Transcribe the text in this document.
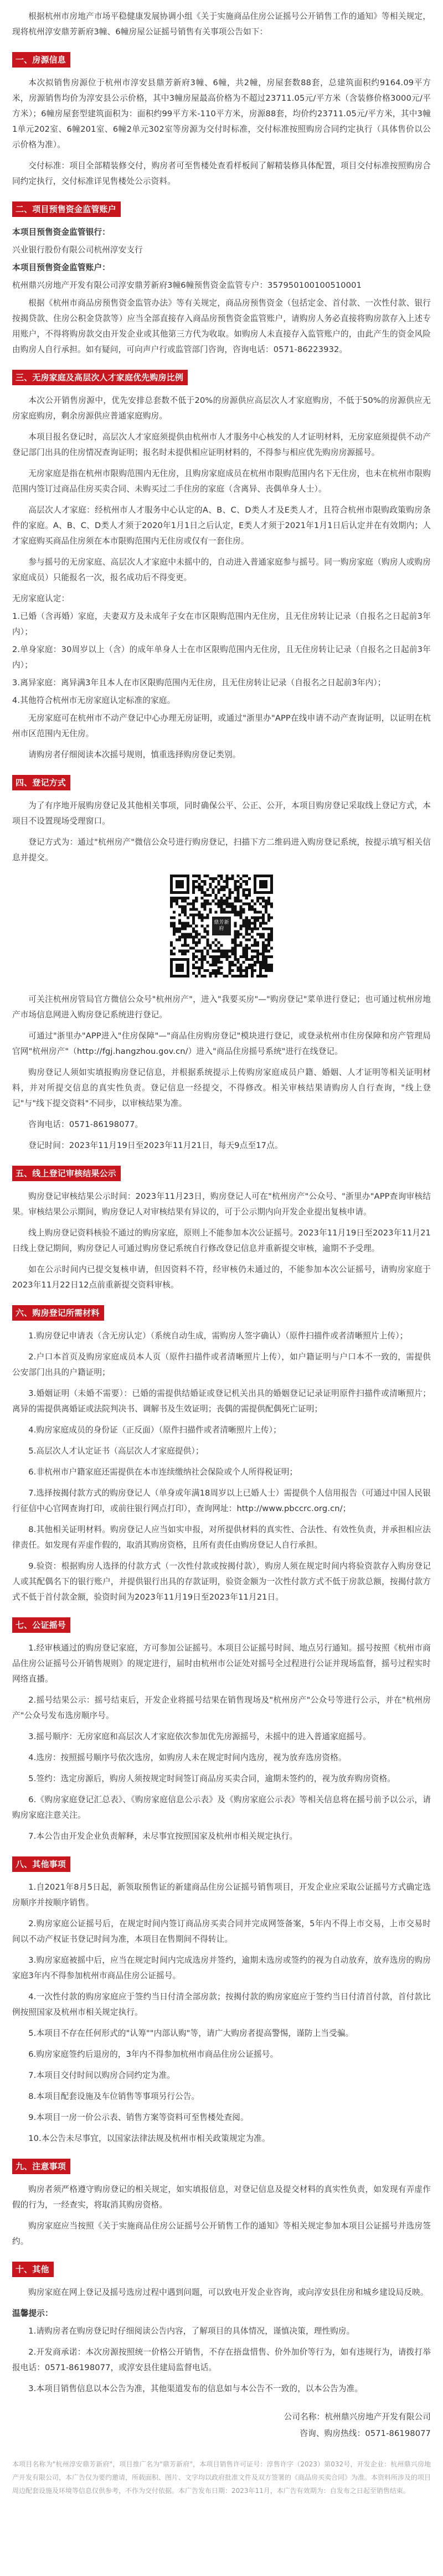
根据杭州市房地产市场平稳健康发展协调小组《关于实施商品住房公证摇号公开销售工作的通知》等相关规定，现将杭州淳安鼎芳新府3幢、6幢房屋公证摇号销售有关事项公告如下：

一、房源信息

本次拟销售房源位于杭州市淳安县鼎芳新府3幢、6幢，共2幢，房屋套数88套，总建筑面积约9164.09平方米，房源销售均价为淳安县公示价格，其中3幢房屋最高价格为不超过23711.05元/平方米（含装修价格3000元/平方米）；6幢房屋套型建筑面积为：面积约99平方米-110平方米，房源88套，均价约23711.05元/平方米，其中3幢1单元202室、6幢201室、6幢2单元302室等房源为交付时标准，交付标准按照购房合同约定执行（具体售价以公示价格为准）。

交付标准：项目全部精装修交付，购房者可至售楼处查看样板间了解精装修具体配置，项目交付标准按照购房合同约定执行，交付标准详见售楼处公示资料。

二、项目预售资金监管账户

本项目预售资金监管银行：

兴业银行股份有限公司杭州淳安支行

本项目预售资金监管账户：

杭州鼎兴房地产开发有限公司淳安鼎芳新府3幢6幢预售资金监管专户：357950100100510001

根据《杭州市商品房预售资金监管办法》等有关规定，商品房预售资金（包括定金、首付款、一次性付款、银行按揭贷款、住房公积金贷款等）应当全部直接存入商品房预售资金监管账户，请购房人务必直接将购房款存入上述专用账户，不得将购房款交由开发企业或其他第三方代为收取。如购房人未直接存入监管账户的，由此产生的资金风险由购房人自行承担。如有疑问，可向声户行或监管部门咨询，咨询电话：0571-86223932。

三、无房家庭及高层次人才家庭优先购房比例

本次公开销售房源中，优先安排总套数不低于20%的房源供应高层次人才家庭购房，不低于50%的房源供应无房家庭购房，剩余房源供应普通家庭购房。

本项目报名登记时，高层次人才家庭须提供由杭州市人才服务中心核发的人才证明材料，无房家庭须提供不动产登记部门出具的住房情况查询证明；报名时未提供相应证明材料的，不得参与相应优先购房房源摇号。

无房家庭是指在杭州市限购范围内无住房，且购房家庭成员在杭州市限购范围内名下无住房，也未在杭州市限购范围内签订过商品住房买卖合同、未购买过二手住房的家庭（含离异、丧偶单身人士）。

高层次人才家庭：经杭州市人才服务中心认定的A、B、C、D类人才及E类人才，且符合杭州市限购政策购房条件的家庭。A、B、C、D类人才须于2020年1月1日之后认定，E类人才须于2021年1月1日后认定并在有效期内；人才家庭购买商品住房须在本市限购范围内无住房或仅有一套住房。

参与摇号的无房家庭、高层次人才家庭中未摇中的，自动进入普通家庭参与摇号。同一购房家庭（购房人或购房家庭成员）只能报名一次，报名成功后不得变更。

无房家庭认定：

1.已婚（含再婚）家庭，夫妻双方及未成年子女在市区限购范围内无住房，且无住房转让记录（自报名之日起前3年内）；

2.单身家庭：30周岁以上（含）的成年单身人士在市区限购范围内无住房，且无住房转让记录（自报名之日起前3年内）；

3.离异家庭：离异满3年且本人在市区限购范围内无住房，且无住房转让记录（自报名之日起前3年内）；

4.其他符合杭州市无房家庭认定标准的家庭。

无房家庭可在杭州市不动产登记中心办理无房证明，或通过"浙里办"APP在线申请不动产查询证明，以证明在杭州市区范围内无住房。

请购房者仔细阅读本次摇号规则，慎重选择购房登记类别。

四、登记方式

为了有序地开展购房登记及其他相关事项，同时确保公平、公正、公开，本项目购房登记采取线上登记方式，本项目不设置现场受理窗口。

登记方式为：通过"杭州房产"微信公众号进行购房登记，扫描下方二维码进入购房登记系统，按提示填写相关信息并提交。

鼎芳新府

可关注杭州房管局官方微信公众号"杭州房产"，进入"我要买房"—"购房登记"菜单进行登记；也可通过杭州房地产市场信息网进入购房登记系统进行登记。

可通过"浙里办"APP进入"住房保障"—"商品住房购房登记"模块进行登记，或登录杭州市住房保障和房产管理局官网"杭州房产"（http://fgj.hangzhou.gov.cn/）进入"商品住房摇号系统"进行在线登记。

购房登记人须如实填报购房登记信息，并根据系统提示上传购房家庭成员户籍、婚姻、人才证明等相关证明材料，并对所提交信息的真实性负责。登记信息一经提交，不得修改。相关审核结果请购房人自行查询，"线上登记"与"线下提交资料"不同步，以审核结果为准。

咨询电话：0571-86198077。

登记时间：2023年11月19日至2023年11月21日，每天9点至17点。

五、线上登记审核结果公示

购房登记审核结果公示时间：2023年11月23日，购房登记人可在"杭州房产"公众号、"浙里办"APP查询审核结果。审核结果公示期间，购房登记人对审核结果有异议的，可于公示期内向开发企业提出复核申请。

线上购房登记资料核验不通过的购房家庭，原则上不能参加本次公证摇号。2023年11月19日至2023年11月21日线上登记期间，购房登记人可通过购房登记系统自行修改登记信息并重新提交审核，逾期不予受理。

如在公示时间内已提交复核申请，但因资料不符，经审核仍未通过的，不能参加本次公证摇号，请购房家庭于2023年11月22日12点前重新提交资料审核。

六、购房登记所需材料

1.购房登记申请表（含无房认定）（系统自动生成，需购房人签字确认）（原件扫描件或者清晰照片上传）；

2.户口本首页及购房家庭成员本人页（原件扫描件或者清晰照片上传），如户籍证明与户口本不一致的，需提供公安部门出具的户籍证明；

3.婚姻证明（未婚不需要）：已婚的需提供结婚证或登记机关出具的婚姻登记记录证明原件扫描件或清晰照片；离异的需提供离婚证或法院判决书、调解书及生效证明；丧偶的需提供配偶死亡证明；

4.购房家庭成员的身份证（正反面）（原件扫描件或者清晰照片上传）；

5.高层次人才认定证书（高层次人才家庭提供）；

6.非杭州市户籍家庭还需提供在本市连续缴纳社会保险或个人所得税证明；

7.选择按揭付款方式的购房登记人（单身或年满18周岁以上已婚人士）需提供个人信用报告（可通过中国人民银行征信中心官网查询打印，或前往银行网点打印），查询网址：http://www.pbccrc.org.cn/；

8.其他相关证明材料。购房登记人应当如实申报，对所提供材料的真实性、合法性、有效性负责，并承担相应法律责任。如发现有弄虚作假的，取消其购房资格，且所有责任由购房登记人自行承担。

9.验资：根据购房人选择的付款方式（一次性付款或按揭付款），购房人须在规定时间内将验资款存入购房登记人或其配偶名下的银行账户，并提供银行出具的存款证明，验资金额为一次性付款方式不低于房款总额，按揭付款方式不低于首付款金额，验资时间为2023年11月19日至2023年11月21日。

七、公证摇号

1.经审核通过的购房登记家庭，方可参加公证摇号。本项目公证摇号时间、地点另行通知。摇号按照《杭州市商品住房公证摇号公开销售规则》的规定进行，届时由杭州市公证处对摇号全过程进行公证并现场监督，摇号过程实时网络直播。

2.摇号结果公示：摇号结束后，开发企业将摇号结果在销售现场及"杭州房产"公众号等进行公示，并在"杭州房产"公众号发布选房顺序号。

3.摇号顺序：无房家庭和高层次人才家庭依次参加优先房源摇号，未摇中的进入普通家庭摇号。

4.选房：按照摇号顺序号依次选房，如购房人未在规定时间内选房，视为放弃选房资格。

5.签约：选定房源后，购房人须按规定时间签订商品房买卖合同，逾期未签约的，视为放弃购房资格。

6.《购房家庭登记汇总表》、《购房家庭信息公示表》及《购房家庭公示表》等相关信息将在摇号前予以公示，请购房家庭注意关注。

7.本公告由开发企业负责解释，未尽事宜按照国家及杭州市相关规定执行。

八、其他事项

1.自2021年8月5日起，新领取预售证的新建商品住房公证摇号销售项目，开发企业应采取公证摇号方式确定选房顺序并按顺序销售。

2.购房家庭公证摇号后，在规定时间内签订商品房买卖合同并完成网签备案，5年内不得上市交易，上市交易时间以不动产权证书登记时间为准，本项目在售期间不得转让。

3.购房家庭被摇中后，应当在规定时间内完成选房并签约，逾期未选房或签约的视为自动放弃，放弃选房的购房家庭3年内不得参加杭州市商品住房公证摇号。

4.一次性付款的购房家庭应于签约当日付清全部房款；按揭付款的购房家庭应于签约当日付清首付款，首付款比例按照国家及杭州市相关规定执行。

5.本项目不存在任何形式的"认筹""内部认购"等，请广大购房者提高警惕，谨防上当受骗。

6.购房家庭签约后退房的，3年内不得参加杭州市商品住房公证摇号。

7.本项目交付时间以购房合同约定为准。

8.本项目配套设施及车位销售等事项另行公告。

9.本项目一房一价公示表、销售方案等资料可至售楼处查阅。

10.本公告未尽事宜，以国家法律法规及杭州市相关政策规定为准。

九、注意事项

购房者须严格遵守购房登记的相关规定，如实填报信息，对登记信息及提交材料的真实性负责，如发现有弄虚作假的行为，一经查实，将取消其购房资格。

购房家庭应当按照《关于实施商品住房公证摇号公开销售工作的通知》等相关规定参加本项目公证摇号并选房签约。

十、其他

购房家庭在网上登记及摇号选房过程中遇到问题，可以致电开发企业咨询，或向淳安县住房和城乡建设局反映。

温馨提示：

1.请购房者在购房登记时仔细阅读公告内容，了解项目的具体情况，谨慎决策，理性购房。

2.开发商承诺：本次房源按照统一价格公开销售，不存在捂盘惜售、价外加价等行为，如有违规行为，请拨打举报电话：0571-86198077，或淳安县住建局监督电话。

3.本项目销售信息以本公告为准，其他渠道发布的信息如与本公告不一致的，以本公告为准。

公司名称：杭州鼎兴房地产开发有限公司
咨询、购房热线：0571-86198077
本项目名称为"杭州淳安鼎芳新府"，项目推广名为"鼎芳新府"，本项目销售许可证号：淳售许字（2023）第032号，开发企业：杭州鼎兴房地产开发有限公司，本广告仅为要约邀请，所载面积、图片、文字均以政府批准文件及双方签署的《商品房买卖合同》为准。本资料所涉及的项目周边配套设施及环境等信息仅供参考，不作为交付依据。本广告发布日期：2023年11月，本广告有效期为：自发布之日起至销售结束。
